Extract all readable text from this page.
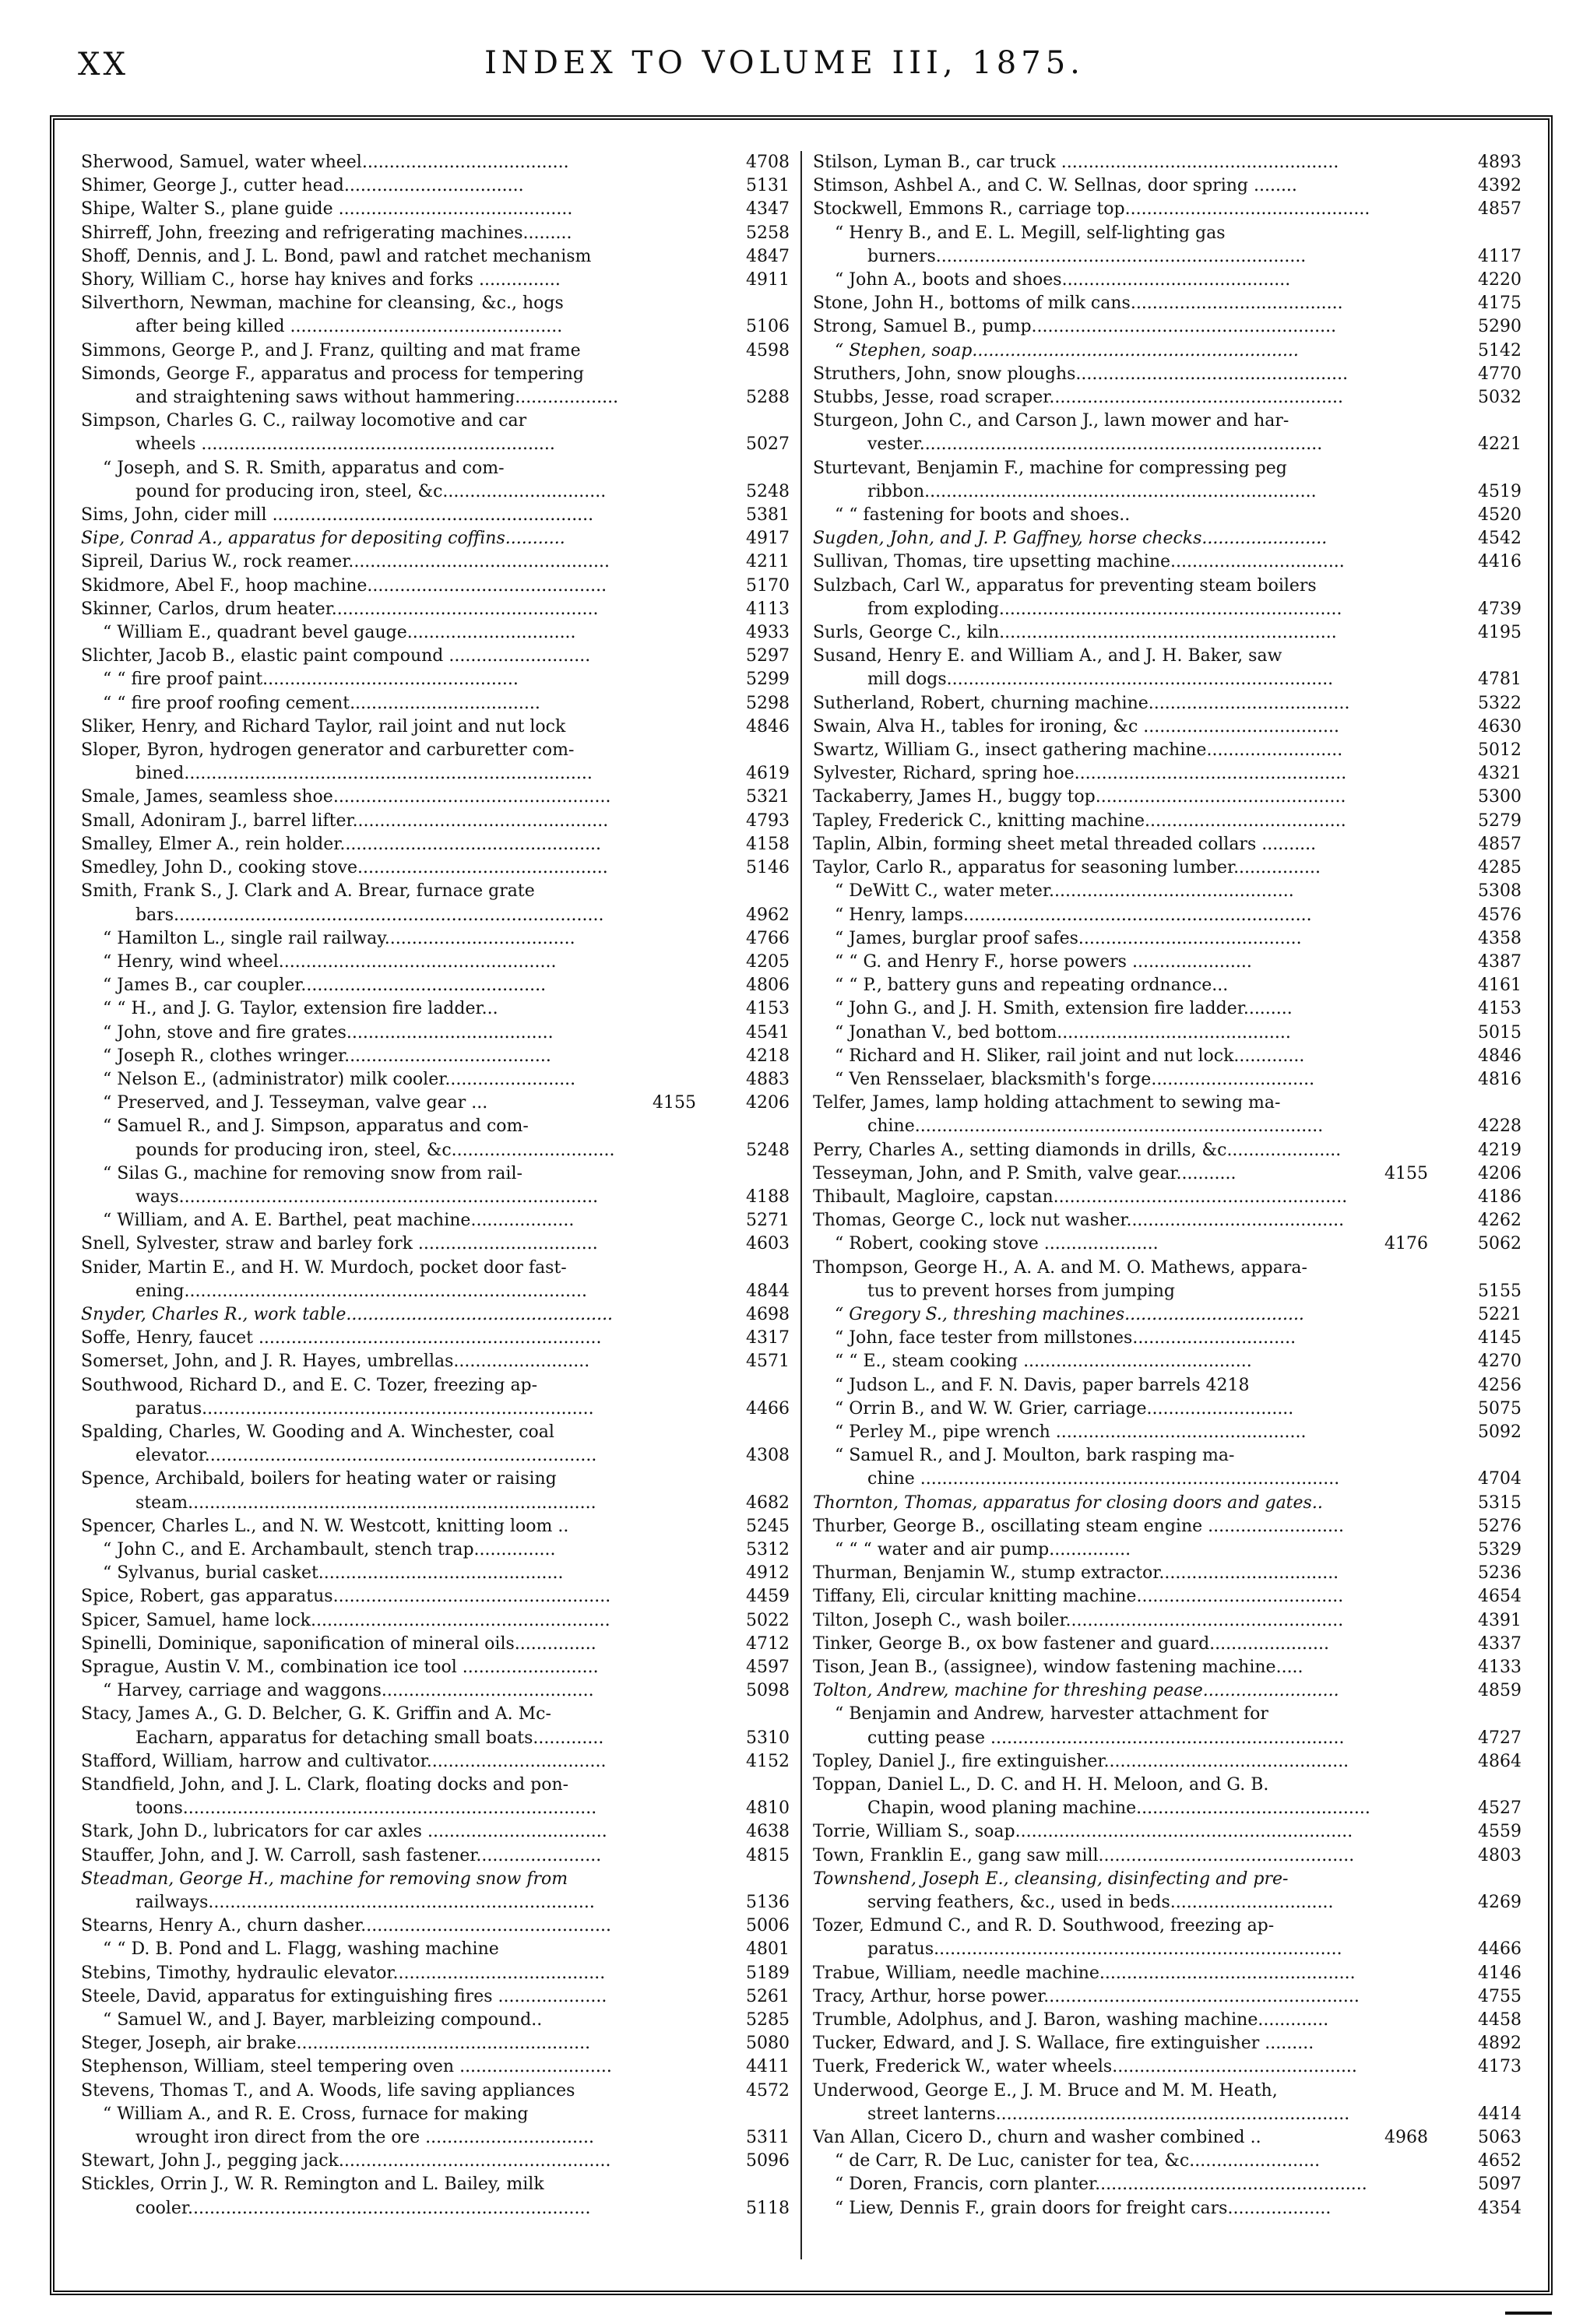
XX	INDEX TO VOLUME III, 1875.
Sherwood, Samuel, water wheel......................................	4708
Shimer, George J., cutter head.................................	5131
Shipe, Walter S., plane guide ...........................................	4347
Shirreff, John, freezing and refrigerating machines.........	5258
Shoff, Dennis, and J. L. Bond, pawl and ratchet mechanism	4847
Shory, William C., horse hay knives and forks ...............	4911
Silverthorn, Newman, machine for cleansing, &c., hogs
after being killed ..................................................	5106
Simmons, George P., and J. Franz, quilting and mat frame	4598
Simonds, George F., apparatus and process for tempering
and straightening saws without hammering...................	5288
Simpson, Charles G. C., railway locomotive and car
wheels .................................................................	5027
“ Joseph, and S. R. Smith, apparatus and com-
pound for producing iron, steel, &c..............................	5248
Sims, John, cider mill ...........................................................	5381
Sipe, Conrad A., apparatus for depositing coffins...........	4917
Sipreil, Darius W., rock reamer................................................	4211
Skidmore, Abel F., hoop machine............................................	5170
Skinner, Carlos, drum heater.................................................	4113
“ William E., quadrant bevel gauge...............................	4933
Slichter, Jacob B., elastic paint compound ..........................	5297
“ “ fire proof paint...............................................	5299
“ “ fire proof roofing cement...................................	5298
Sliker, Henry, and Richard Taylor, rail joint and nut lock	4846
Sloper, Byron, hydrogen generator and carburetter com-
bined...........................................................................	4619
Smale, James, seamless shoe...................................................	5321
Small, Adoniram J., barrel lifter...............................................	4793
Smalley, Elmer A., rein holder................................................	4158
Smedley, John D., cooking stove..............................................	5146
Smith, Frank S., J. Clark and A. Brear, furnace grate
bars...............................................................................	4962
“ Hamilton L., single rail railway...................................	4766
“ Henry, wind wheel...................................................	4205
“ James B., car coupler.............................................	4806
“ “ H., and J. G. Taylor, extension fire ladder...	4153
“ John, stove and fire grates......................................	4541
“ Joseph R., clothes wringer......................................	4218
“ Nelson E., (administrator) milk cooler........................	4883
“ Preserved, and J. Tesseyman, valve gear ...	4155	4206
“ Samuel R., and J. Simpson, apparatus and com-
pounds for producing iron, steel, &c..............................	5248
“ Silas G., machine for removing snow from rail-
ways.............................................................................	4188
“ William, and A. E. Barthel, peat machine...................	5271
Snell, Sylvester, straw and barley fork .................................	4603
Snider, Martin E., and H. W. Murdoch, pocket door fast-
ening..........................................................................	4844
Snyder, Charles R., work table.................................................	4698
Soffe, Henry, faucet ...............................................................	4317
Somerset, John, and J. R. Hayes, umbrellas.........................	4571
Southwood, Richard D., and E. C. Tozer, freezing ap-
paratus........................................................................	4466
Spalding, Charles, W. Gooding and A. Winchester, coal
elevator........................................................................	4308
Spence, Archibald, boilers for heating water or raising
steam...........................................................................	4682
Spencer, Charles L., and N. W. Westcott, knitting loom ..	5245
“ John C., and E. Archambault, stench trap...............	5312
“ Sylvanus, burial casket.............................................	4912
Spice, Robert, gas apparatus...................................................	4459
Spicer, Samuel, hame lock.......................................................	5022
Spinelli, Dominique, saponification of mineral oils...............	4712
Sprague, Austin V. M., combination ice tool .........................	4597
“ Harvey, carriage and waggons.......................................	5098
Stacy, James A., G. D. Belcher, G. K. Griffin and A. Mc-
Eacharn, apparatus for detaching small boats.............	5310
Stafford, William, harrow and cultivator.................................	4152
Standfield, John, and J. L. Clark, floating docks and pon-
toons............................................................................	4810
Stark, John D., lubricators for car axles .................................	4638
Stauffer, John, and J. W. Carroll, sash fastener.......................	4815
Steadman, George H., machine for removing snow from
railways.......................................................................	5136
Stearns, Henry A., churn dasher..............................................	5006
“ “ D. B. Pond and L. Flagg, washing machine	4801
Stebins, Timothy, hydraulic elevator.......................................	5189
Steele, David, apparatus for extinguishing fires ....................	5261
“ Samuel W., and J. Bayer, marbleizing compound..	5285
Steger, Joseph, air brake......................................................	5080
Stephenson, William, steel tempering oven ............................	4411
Stevens, Thomas T., and A. Woods, life saving appliances	4572
“ William A., and R. E. Cross, furnace for making
wrought iron direct from the ore ...............................	5311
Stewart, John J., pegging jack..................................................	5096
Stickles, Orrin J., W. R. Remington and L. Bailey, milk
cooler..........................................................................	5118
Stilson, Lyman B., car truck ...................................................	4893
Stimson, Ashbel A., and C. W. Sellnas, door spring ........	4392
Stockwell, Emmons R., carriage top.............................................	4857
“ Henry B., and E. L. Megill, self-lighting gas
burners....................................................................	4117
“ John A., boots and shoes..........................................	4220
Stone, John H., bottoms of milk cans.......................................	4175
Strong, Samuel B., pump........................................................	5290
“ Stephen, soap............................................................	5142
Struthers, John, snow ploughs..................................................	4770
Stubbs, Jesse, road scraper......................................................	5032
Sturgeon, John C., and Carson J., lawn mower and har-
vester..........................................................................	4221
Sturtevant, Benjamin F., machine for compressing peg
ribbon........................................................................	4519
“ “ fastening for boots and shoes..	4520
Sugden, John, and J. P. Gaffney, horse checks.......................	4542
Sullivan, Thomas, tire upsetting machine................................	4416
Sulzbach, Carl W., apparatus for preventing steam boilers
from exploding...............................................................	4739
Surls, George C., kiln..............................................................	4195
Susand, Henry E. and William A., and J. H. Baker, saw
mill dogs.......................................................................	4781
Sutherland, Robert, churning machine.....................................	5322
Swain, Alva H., tables for ironing, &c ....................................	4630
Swartz, William G., insect gathering machine.........................	5012
Sylvester, Richard, spring hoe..................................................	4321
Tackaberry, James H., buggy top..............................................	5300
Tapley, Frederick C., knitting machine.....................................	5279
Taplin, Albin, forming sheet metal threaded collars ..........	4857
Taylor, Carlo R., apparatus for seasoning lumber................	4285
“ DeWitt C., water meter.............................................	5308
“ Henry, lamps................................................................	4576
“ James, burglar proof safes.........................................	4358
“ “ G. and Henry F., horse powers ......................	4387
“ “ P., battery guns and repeating ordnance...	4161
“ John G., and J. H. Smith, extension fire ladder.........	4153
“ Jonathan V., bed bottom...........................................	5015
“ Richard and H. Sliker, rail joint and nut lock.............	4846
“ Ven Rensselaer, blacksmith's forge..............................	4816
Telfer, James, lamp holding attachment to sewing ma-
chine...........................................................................	4228
Perry, Charles A., setting diamonds in drills, &c.....................	4219
Tesseyman, John, and P. Smith, valve gear...........	4155	4206
Thibault, Magloire, capstan......................................................	4186
Thomas, George C., lock nut washer........................................	4262
“ Robert, cooking stove .....................	4176	5062
Thompson, George H., A. A. and M. O. Mathews, appara-
tus to prevent horses from jumping	5155
“ Gregory S., threshing machines.................................	5221
“ John, face tester from millstones..............................	4145
“ “ E., steam cooking ..........................................	4270
“ Judson L., and F. N. Davis, paper barrels 4218	4256
“ Orrin B., and W. W. Grier, carriage...........................	5075
“ Perley M., pipe wrench ..............................................	5092
“ Samuel R., and J. Moulton, bark rasping ma-
chine .............................................................................	4704
Thornton, Thomas, apparatus for closing doors and gates..	5315
Thurber, George B., oscillating steam engine .........................	5276
“ “ “ water and air pump...............	5329
Thurman, Benjamin W., stump extractor.................................	5236
Tiffany, Eli, circular knitting machine......................................	4654
Tilton, Joseph C., wash boiler...................................................	4391
Tinker, George B., ox bow fastener and guard......................	4337
Tison, Jean B., (assignee), window fastening machine.....	4133
Tolton, Andrew, machine for threshing pease.........................	4859
“ Benjamin and Andrew, harvester attachment for
cutting pease .................................................................	4727
Topley, Daniel J., fire extinguisher.............................................	4864
Toppan, Daniel L., D. C. and H. H. Meloon, and G. B.
Chapin, wood planing machine...........................................	4527
Torrie, William S., soap..............................................................	4559
Town, Franklin E., gang saw mill...............................................	4803
Townshend, Joseph E., cleansing, disinfecting and pre-
serving feathers, &c., used in beds..............................	4269
Tozer, Edmund C., and R. D. Southwood, freezing ap-
paratus...........................................................................	4466
Trabue, William, needle machine...............................................	4146
Tracy, Arthur, horse power..........................................................	4755
Trumble, Adolphus, and J. Baron, washing machine.............	4458
Tucker, Edward, and J. S. Wallace, fire extinguisher .........	4892
Tuerk, Frederick W., water wheels.............................................	4173
Underwood, George E., J. M. Bruce and M. M. Heath,
street lanterns.................................................................	4414
Van Allan, Cicero D., churn and washer combined ..	4968	5063
“ de Carr, R. De Luc, canister for tea, &c........................	4652
“ Doren, Francis, corn planter..................................................	5097
“ Liew, Dennis F., grain doors for freight cars...................	4354
